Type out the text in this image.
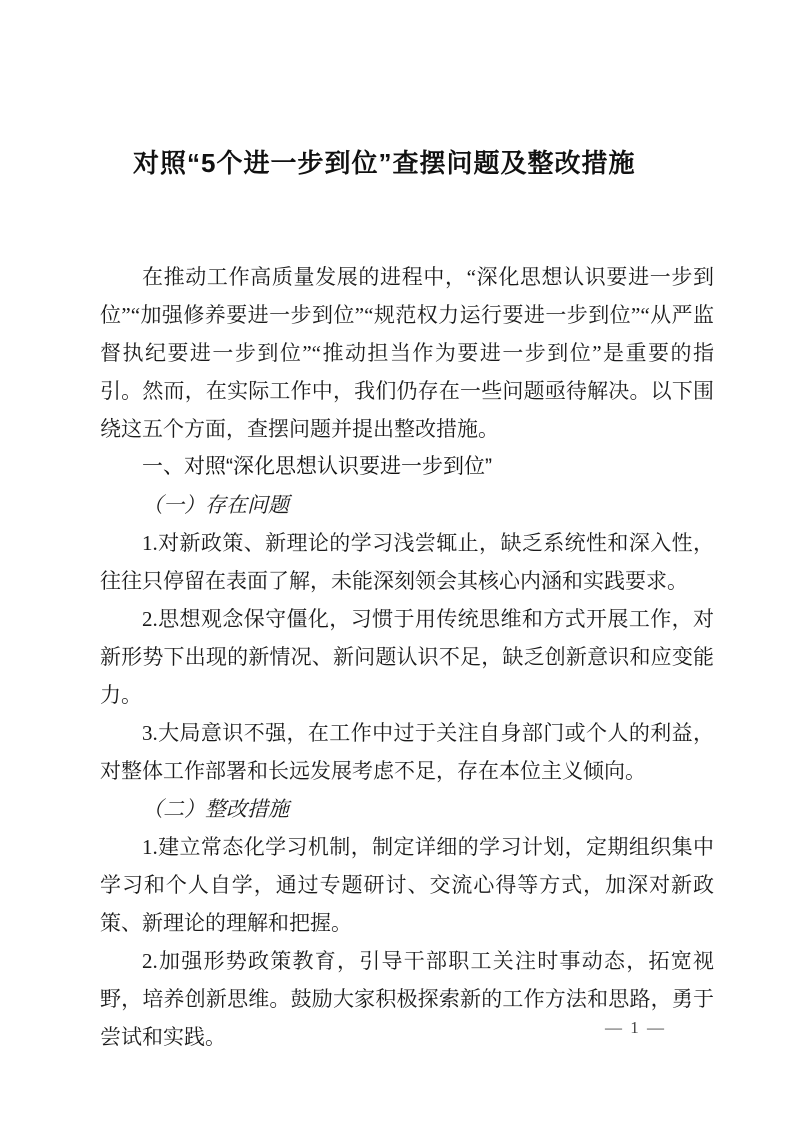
对照“5个进一步到位”查摆问题及整改措施

在推动工作高质量发展的进程中，“深化思想认识要进一步到位”“加强修养要进一步到位”“规范权力运行要进一步到位”“从严监督执纪要进一步到位”“推动担当作为要进一步到位”是重要的指引。然而，在实际工作中，我们仍存在一些问题亟待解决。以下围绕这五个方面，查摆问题并提出整改措施。

一、对照“深化思想认识要进一步到位”
（一）存在问题

1.对新政策、新理论的学习浅尝辄止，缺乏系统性和深入性，往往只停留在表面了解，未能深刻领会其核心内涵和实践要求。

2.思想观念保守僵化，习惯于用传统思维和方式开展工作，对新形势下出现的新情况、新问题认识不足，缺乏创新意识和应变能力。

3.大局意识不强，在工作中过于关注自身部门或个人的利益，对整体工作部署和长远发展考虑不足，存在本位主义倾向。

（二）整改措施

1.建立常态化学习机制，制定详细的学习计划，定期组织集中学习和个人自学，通过专题研讨、交流心得等方式，加深对新政策、新理论的理解和把握。

2.加强形势政策教育，引导干部职工关注时事动态，拓宽视野，培养创新思维。鼓励大家积极探索新的工作方法和思路，勇于尝试和实践。	— 1 —
